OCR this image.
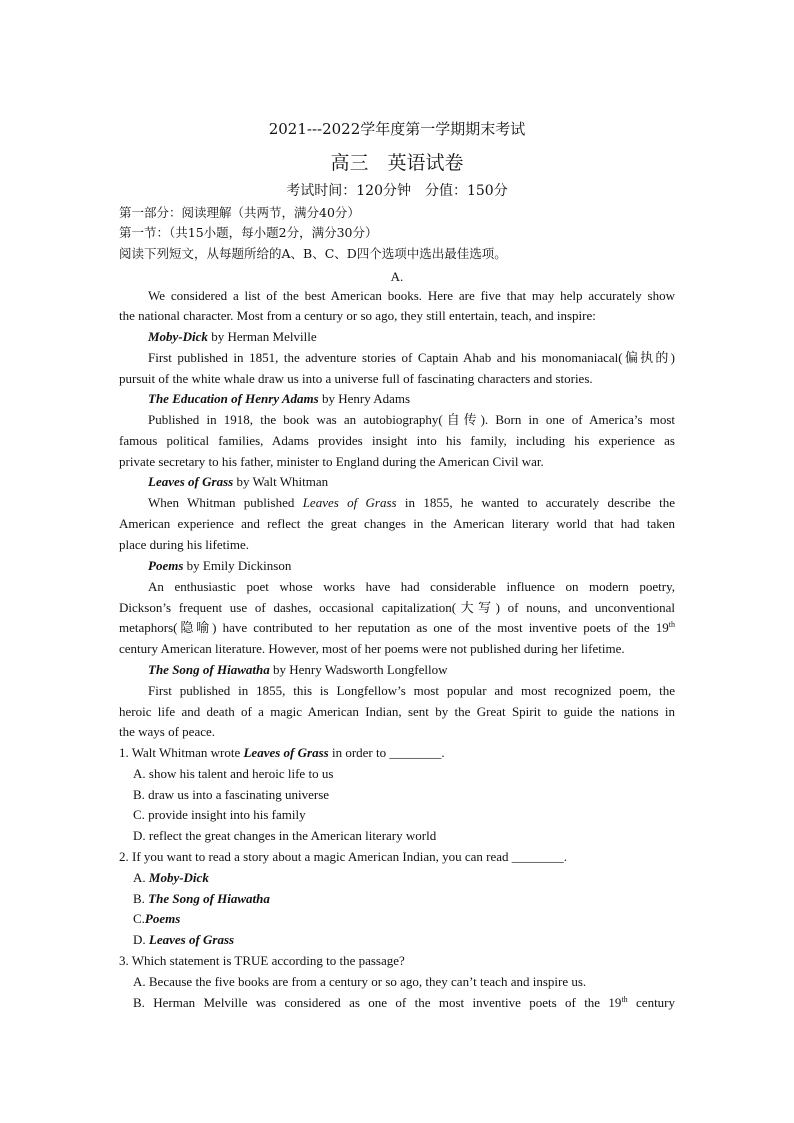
2021---2022学年度第一学期期末考试
高三　英语试卷
考试时间：120分钟　分值：150分
第一部分：阅读理解（共两节，满分40分）
第一节：（共15小题，每小题2分，满分30分）
阅读下列短文，从每题所给的A、B、C、D四个选项中选出最佳选项。
A.
We considered a list of the best American books. Here are five that may help accurately show
the national character. Most from a century or so ago, they still entertain, teach, and inspire:
Moby-Dick by Herman Melville
First published in 1851, the adventure stories of Captain Ahab and his monomaniacal(偏执的)
pursuit of the white whale draw us into a universe full of fascinating characters and stories.
The Education of Henry Adams by Henry Adams
Published in 1918, the book was an autobiography(自传). Born in one of America’s most
famous political families, Adams provides insight into his family, including his experience as
private secretary to his father, minister to England during the American Civil war.
Leaves of Grass by Walt Whitman
When Whitman published Leaves of Grass in 1855, he wanted to accurately describe the
American experience and reflect the great changes in the American literary world that had taken
place during his lifetime.
Poems by Emily Dickinson
An enthusiastic poet whose works have had considerable influence on modern poetry,
Dickson’s frequent use of dashes, occasional capitalization(大写) of nouns, and unconventional
metaphors(隐喻) have contributed to her reputation as one of the most inventive poets of the 19th
century American literature. However, most of her poems were not published during her lifetime.
The Song of Hiawatha by Henry Wadsworth Longfellow
First published in 1855, this is Longfellow’s most popular and most recognized poem, the
heroic life and death of a magic American Indian, sent by the Great Spirit to guide the nations in
the ways of peace.
1. Walt Whitman wrote Leaves of Grass in order to ________.
A. show his talent and heroic life to us
B. draw us into a fascinating universe
C. provide insight into his family
D. reflect the great changes in the American literary world
2. If you want to read a story about a magic American Indian, you can read ________.
A. Moby-Dick
B. The Song of Hiawatha
C.Poems
D. Leaves of Grass
3. Which statement is TRUE according to the passage?
A. Because the five books are from a century or so ago, they can’t teach and inspire us.
B. Herman Melville was considered as one of the most inventive poets of the 19th century
